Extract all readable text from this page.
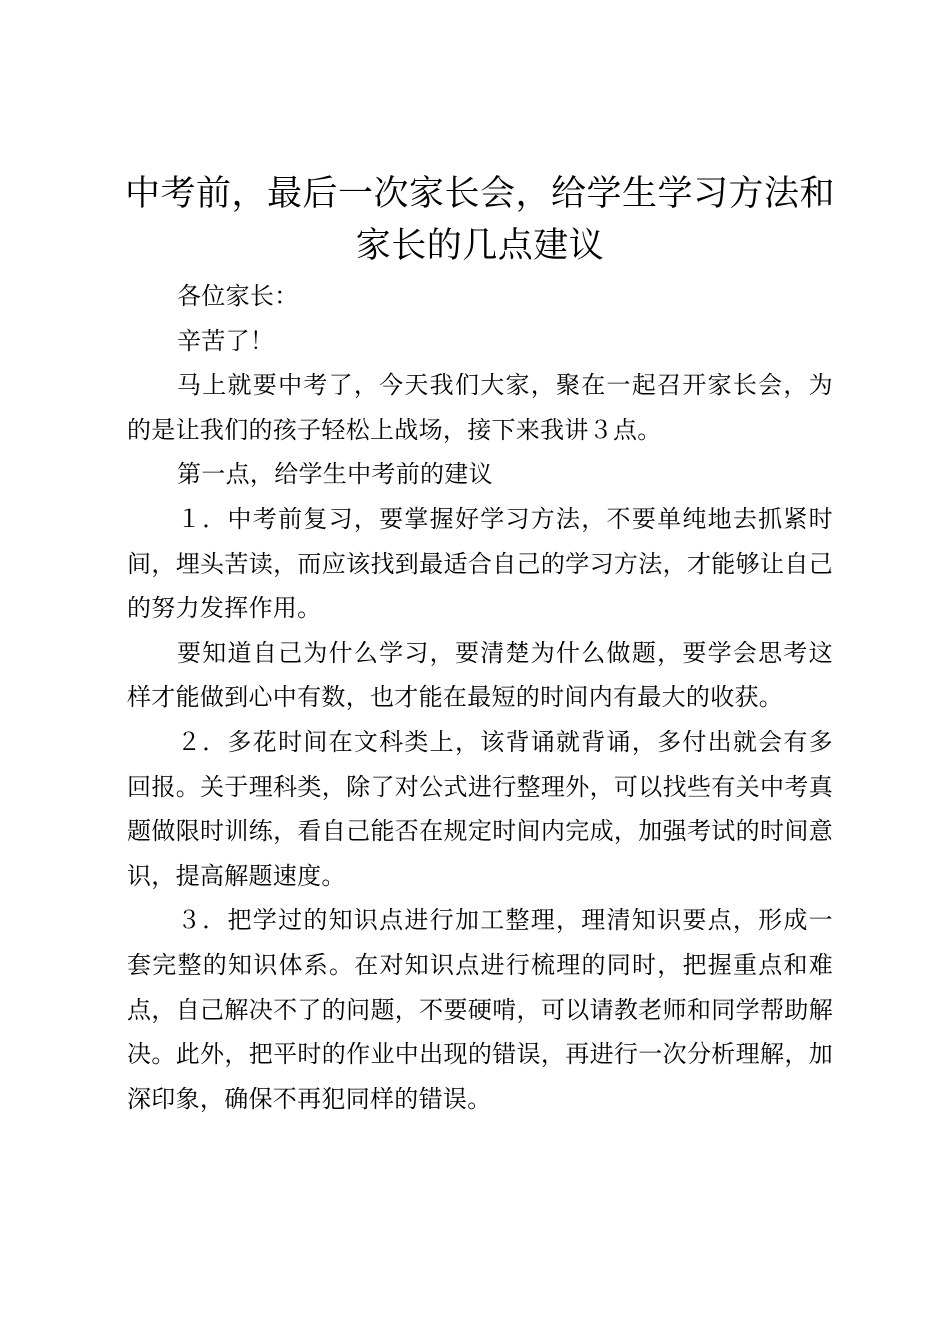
中考前，最后一次家长会，给学生学习方法和家长的几点建议

各位家长：

辛苦了！

马上就要中考了，今天我们大家，聚在一起召开家长会，为的是让我们的孩子轻松上战场，接下来我讲３点。

第一点，给学生中考前的建议

１．中考前复习，要掌握好学习方法，不要单纯地去抓紧时间，埋头苦读，而应该找到最适合自己的学习方法，才能够让自己的努力发挥作用。

要知道自己为什么学习，要清楚为什么做题，要学会思考这样才能做到心中有数，也才能在最短的时间内有最大的收获。

２．多花时间在文科类上，该背诵就背诵，多付出就会有多回报。关于理科类，除了对公式进行整理外，可以找些有关中考真题做限时训练，看自己能否在规定时间内完成，加强考试的时间意识，提高解题速度。

３．把学过的知识点进行加工整理，理清知识要点，形成一套完整的知识体系。在对知识点进行梳理的同时，把握重点和难点，自己解决不了的问题，不要硬啃，可以请教老师和同学帮助解决。此外，把平时的作业中出现的错误，再进行一次分析理解，加深印象，确保不再犯同样的错误。
